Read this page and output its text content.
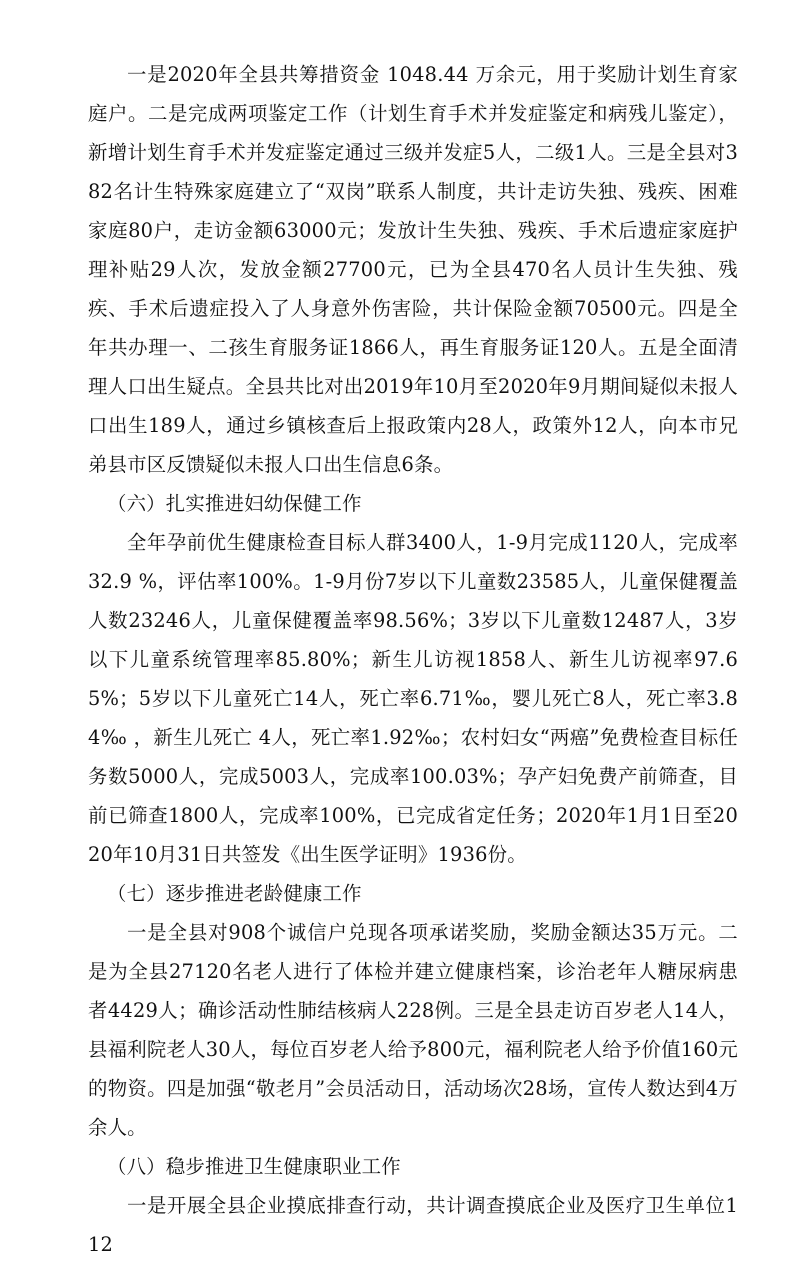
一是2020年全县共筹措资金 1048.44 万余元，用于奖励计划生育家庭户。二是完成两项鉴定工作（计划生育手术并发症鉴定和病残儿鉴定），新增计划生育手术并发症鉴定通过三级并发症5人，二级1人。三是全县对382名计生特殊家庭建立了“双岗”联系人制度，共计走访失独、残疾、困难家庭80户，走访金额63000元；发放计生失独、残疾、手术后遗症家庭护理补贴29人次，发放金额27700元，已为全县470名人员计生失独、残疾、手术后遗症投入了人身意外伤害险，共计保险金额70500元。四是全年共办理一、二孩生育服务证1866人，再生育服务证120人。五是全面清理人口出生疑点。全县共比对出2019年10月至2020年9月期间疑似未报人口出生189人，通过乡镇核查后上报政策内28人，政策外12人，向本市兄弟县市区反馈疑似未报人口出生信息6条。

（六）扎实推进妇幼保健工作

全年孕前优生健康检查目标人群3400人，1-9月完成1120人，完成率32.9 %，评估率100%。1-9月份7岁以下儿童数23585人，儿童保健覆盖人数23246人，儿童保健覆盖率98.56%；3岁以下儿童数12487人，3岁以下儿童系统管理率85.80%；新生儿访视1858人、新生儿访视率97.65%；5岁以下儿童死亡14人，死亡率6.71‰，婴儿死亡8人，死亡率3.84‰ ，新生儿死亡 4人，死亡率1.92‰；农村妇女“两癌”免费检查目标任务数5000人，完成5003人，完成率100.03%；孕产妇免费产前筛查，目前已筛查1800人，完成率100%，已完成省定任务；2020年1月1日至2020年10月31日共签发《出生医学证明》1936份。

（七）逐步推进老龄健康工作

一是全县对908个诚信户兑现各项承诺奖励，奖励金额达35万元。二是为全县27120名老人进行了体检并建立健康档案，诊治老年人糖尿病患者4429人；确诊活动性肺结核病人228例。三是全县走访百岁老人14人，县福利院老人30人，每位百岁老人给予800元，福利院老人给予价值160元的物资。四是加强“敬老月”会员活动日，活动场次28场，宣传人数达到4万余人。

（八）稳步推进卫生健康职业工作

一是开展全县企业摸底排查行动，共计调查摸底企业及医疗卫生单位112
